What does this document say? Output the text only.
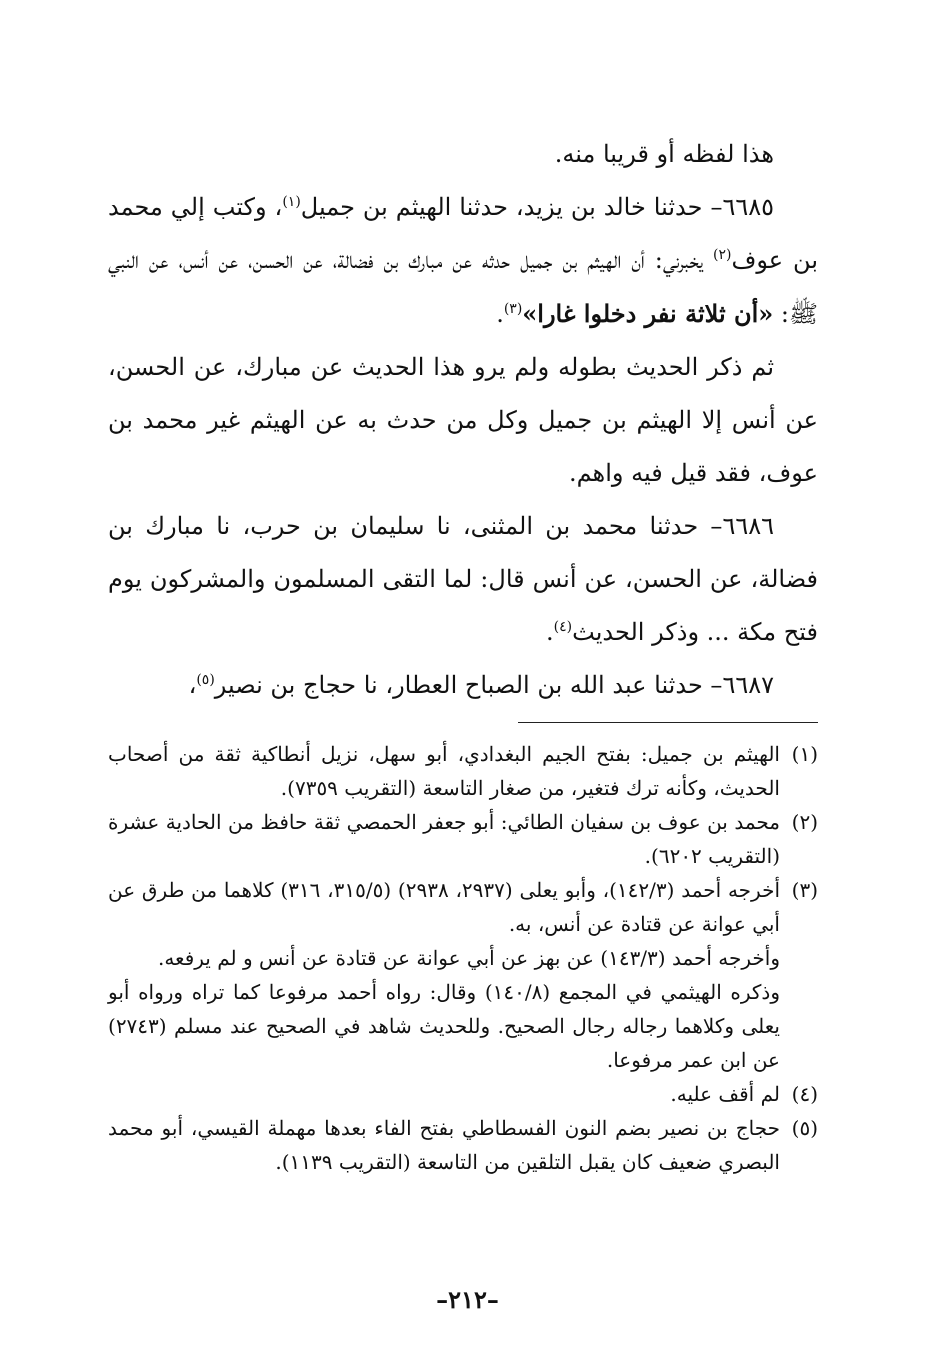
هذا لفظه أو قريبا منه.

٦٦٨٥– حدثنا خالد بن يزيد، حدثنا الهيثم بن جميل$^{(١)}$، وكتب إلي محمد بن عوف$^{(٢)}$ يخبرني: أن الهيثم بن جميل حدثه عن مبارك بن فضالة، عن الحسن، عن أنس، عن النبي ﷺ: «أن ثلاثة نفر دخلوا غارا»$^{(٣)}$.

ثم ذكر الحديث بطوله ولم يرو هذا الحديث عن مبارك، عن الحسن، عن أنس إلا الهيثم بن جميل وكل من حدث به عن الهيثم غير محمد بن عوف، فقد قيل فيه واهم.

٦٦٨٦– حدثنا محمد بن المثنى، نا سليمان بن حرب، نا مبارك بن فضالة، عن الحسن، عن أنس قال: لما التقى المسلمون والمشركون يوم فتح مكة ... وذكر الحديث$^{(٤)}$.

٦٦٨٧– حدثنا عبد الله بن الصباح العطار، نا حجاج بن نصير$^{(٥)}$،

(١)
الهيثم بن جميل: بفتح الجيم البغدادي، أبو سهل، نزيل أنطاكية ثقة من أصحاب الحديث، وكأنه ترك فتغير، من صغار التاسعة (التقريب ٧٣٥٩).
(٢)
محمد بن عوف بن سفيان الطائي: أبو جعفر الحمصي ثقة حافظ من الحادية عشرة (التقريب ٦٢٠٢).
(٣)

أخرجه أحمد (١٤٢/٣)، وأبو يعلى (٢٩٣٧، ٢٩٣٨) (٣١٥/٥، ٣١٦) كلاهما من طرق عن أبي عوانة عن قتادة عن أنس، به.

وأخرجه أحمد (١٤٣/٣) عن بهز عن أبي عوانة عن قتادة عن أنس و لم يرفعه.

وذكره الهيثمي في المجمع (١٤٠/٨) وقال: رواه أحمد مرفوعا كما تراه ورواه أبو يعلى وكلاهما رجاله رجال الصحيح. وللحديث شاهد في الصحيح عند مسلم (٢٧٤٣) عن ابن عمر مرفوعا.

(٤)
لم أقف عليه.
(٥)
حجاج بن نصير بضم النون الفسطاطي بفتح الفاء بعدها مهملة القيسي، أبو محمد البصري ضعيف كان يقبل التلقين من التاسعة (التقريب ١١٣٩).
–٢١٢–
